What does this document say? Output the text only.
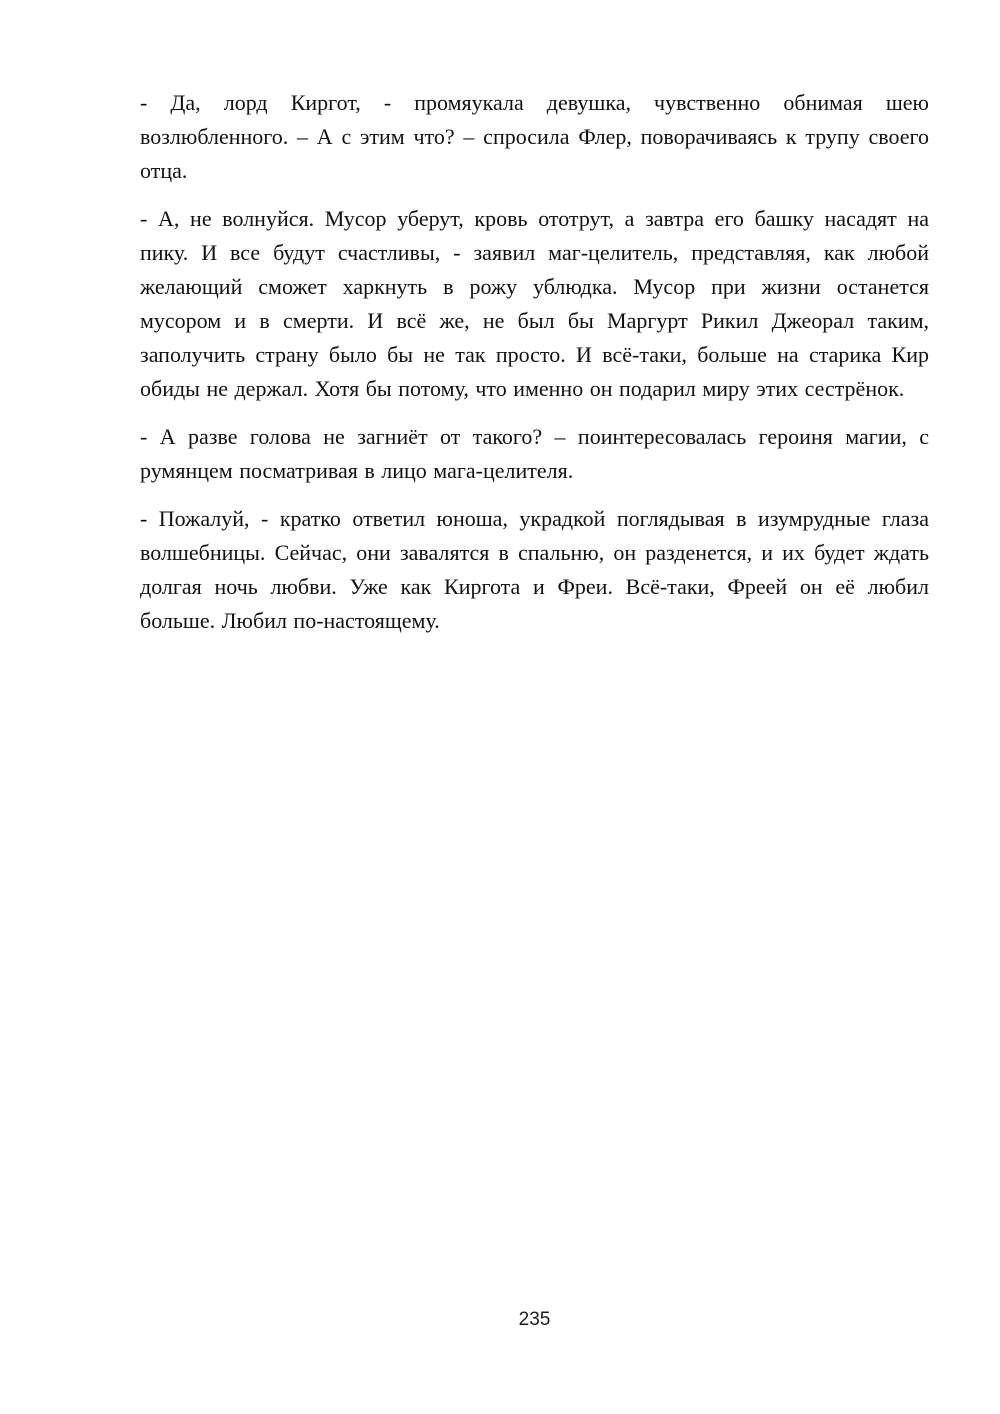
- Да, лорд Киргот, - промяукала девушка, чувственно обнимая шею возлюбленного. – А с этим что? – спросила Флер, поворачиваясь к трупу своего отца.

- А, не волнуйся. Мусор уберут, кровь ототрут, а завтра его башку насадят на пику. И все будут счастливы, - заявил маг-целитель, представляя, как любой желающий сможет харкнуть в рожу ублюдка. Мусор при жизни останется мусором и в смерти. И всё же, не был бы Маргурт Рикил Джеорал таким, заполучить страну было бы не так просто. И всё-таки, больше на старика Кир обиды не держал. Хотя бы потому, что именно он подарил миру этих сестрёнок.

- А разве голова не загниёт от такого? – поинтересовалась героиня магии, с румянцем посматривая в лицо мага-целителя.

- Пожалуй, - кратко ответил юноша, украдкой поглядывая в изумрудные глаза волшебницы. Сейчас, они завалятся в спальню, он разденется, и их будет ждать долгая ночь любви. Уже как Киргота и Фреи. Всё-таки, Фреей он её любил больше. Любил по-настоящему.

235
